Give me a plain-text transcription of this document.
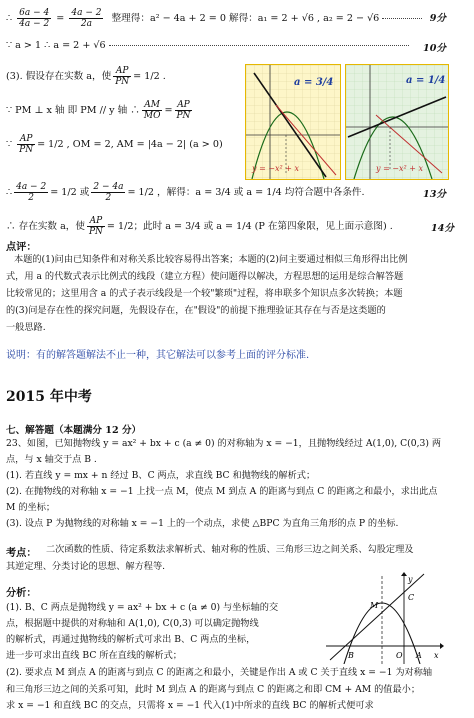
∴ $\frac{6a - 4}{4a - 2} = \frac{4a - 2}{2a}$ 整理得：a² − 4a + 2 = 0 解得：a₁ = 2 + √6 , a₂ = 2 − √6	9分
∵ a > 1 ∴ a = 2 + √6	10分
(3). 假设存在实数 a，使 $\frac{AP}{PN} = 1/2$ .
∵ PM ⊥ x 轴 即 PM // y 轴 ∴ $\frac{AM}{MO} = \frac{AP}{PN}$
∵ $\frac{AP}{PN} = 1/2$ , OM = 2, AM = |4a − 2| (a > 0)
∴ $\frac{4a - 2}{2} = 1/2$ 或 $\frac{2 - 4a}{2} = 1/2$ ，解得：a = 3/4 或 a = 1/4 均符合题中各条件.	13分
∴ 存在实数 a，使 $\frac{AP}{PN} = 1/2$；此时 a = 3/4 或 a = 1/4 (P 在第四象限，见上面示意图) .	14分
a = 3/4
y = −x² + x
a = 1/4
y = −x² + x
点评：
本题的(1)问由已知条件和对称关系比较容易得出答案；本题的(2)问主要通过相似三角形得出比例
式，用 a 的代数式表示比例式的线段（建立方程）使问题得以解决，方程思想的运用是综合解答题
比较常见的；这里用含 a 的式子表示线段是一个较"繁琐"过程，将串联多个知识点多次转换；本题
的(3)问是存在性的探究问题，先假设存在，在"假设"的前提下推理验证其存在与否是这类题的
一般思路.
说明：有的解答题解法不止一种，其它解法可以参考上面的评分标准.
2015 年中考
七、解答题（本题满分 12 分）
23、如图，已知抛物线 y = ax² + bx + c (a ≠ 0) 的对称轴为 x = −1，且抛物线经过 A(1,0), C(0,3) 两
点，与 x 轴交于点 B .
(1). 若直线 y = mx + n 经过 B、C 两点，求直线 BC 和抛物线的解析式；
(2). 在抛物线的对称轴 x = −1 上找一点 M，使点 M 到点 A 的距离与到点 C 的距离之和最小，求出此点
M 的坐标；
(3). 设点 P 为抛物线的对称轴 x = −1 上的一个动点，求使 △BPC 为直角三角形的点 P 的坐标.
考点： 二次函数的性质、待定系数法求解析式、轴对称的性质、三角形三边之间关系、勾股定理及
其逆定理、分类讨论的思想、解方程等.
分析：
(1). B、C 两点是抛物线 y = ax² + bx + c (a ≠ 0) 与坐标轴的交
点，根据题中提供的对称轴和 A(1,0), C(0,3) 可以确定抛物线
的解析式，再通过抛物线的解析式可求出 B、C 两点的坐标，
进一步可求出直线 BC 所在直线的解析式；
(2). 要求点 M 到点 A 的距离与到点 C 的距离之和最小，关键是作出 A 或 C 关于直线 x = −1 为对称轴
和三角形三边之间的关系可知，此时 M 到点 A 的距离与到点 C 的距离之和即 CM + AM 的值最小；
求 x = −1 和直线 BC 的交点，只需将 x = −1 代入(1)中所求的直线 BC 的解析式便可求
y
x
M
C
B	O A
